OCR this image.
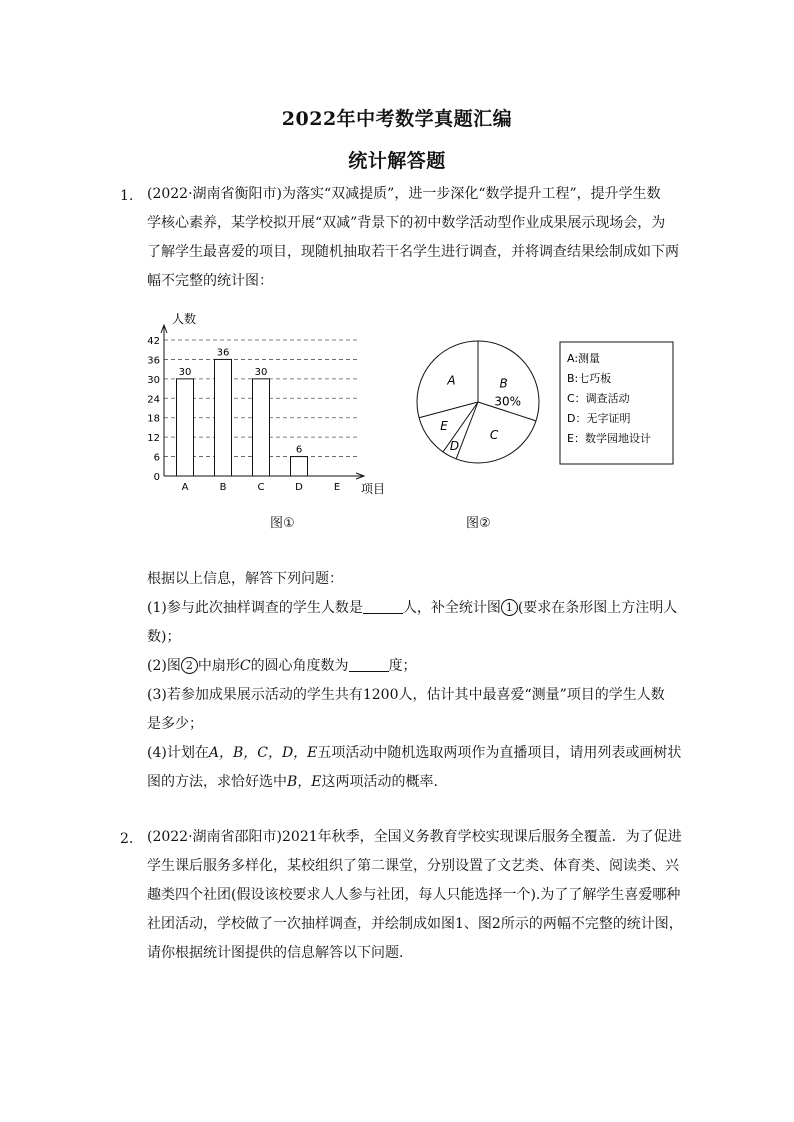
2022年中考数学真题汇编
统计解答题
1. (2022·湖南省衡阳市)为落实“双减提质”，进一步深化“数学提升工程”，提升学生数
学核心素养，某学校拟开展“双减”背景下的初中数学活动型作业成果展示现场会，为
了解学生最喜爱的项目，现随机抽取若干名学生进行调查，并将调查结果绘制成如下两
幅不完整的统计图：
0
6
12
18
24
30
36
42
人数
项目
30
A
36
B
30
C
6
D	E
A	B
30%
C
D
E
A:测量
B:七巧板
C：调查活动
D：无字证明
E：数学园地设计
图①	图②
根据以上信息，解答下列问题：
(1)参与此次抽样调查的学生人数是	人，补全统计图 1 (要求在条形图上方注明人
数)；
(2)图 2 中扇形C的圆心角度数为	度；
(3)若参加成果展示活动的学生共有1200人，估计其中最喜爱“测量”项目的学生人数
是多少；
(4)计划在A，B，C，D，E五项活动中随机选取两项作为直播项目，请用列表或画树状
图的方法，求恰好选中B，E这两项活动的概率.
2. (2022·湖南省邵阳市)2021年秋季，全国义务教育学校实现课后服务全覆盖．为了促进
学生课后服务多样化，某校组织了第二课堂，分别设置了文艺类、体育类、阅读类、兴
趣类四个社团(假设该校要求人人参与社团，每人只能选择一个).为了了解学生喜爱哪种
社团活动，学校做了一次抽样调查，并绘制成如图1、图2所示的两幅不完整的统计图，
请你根据统计图提供的信息解答以下问题.
